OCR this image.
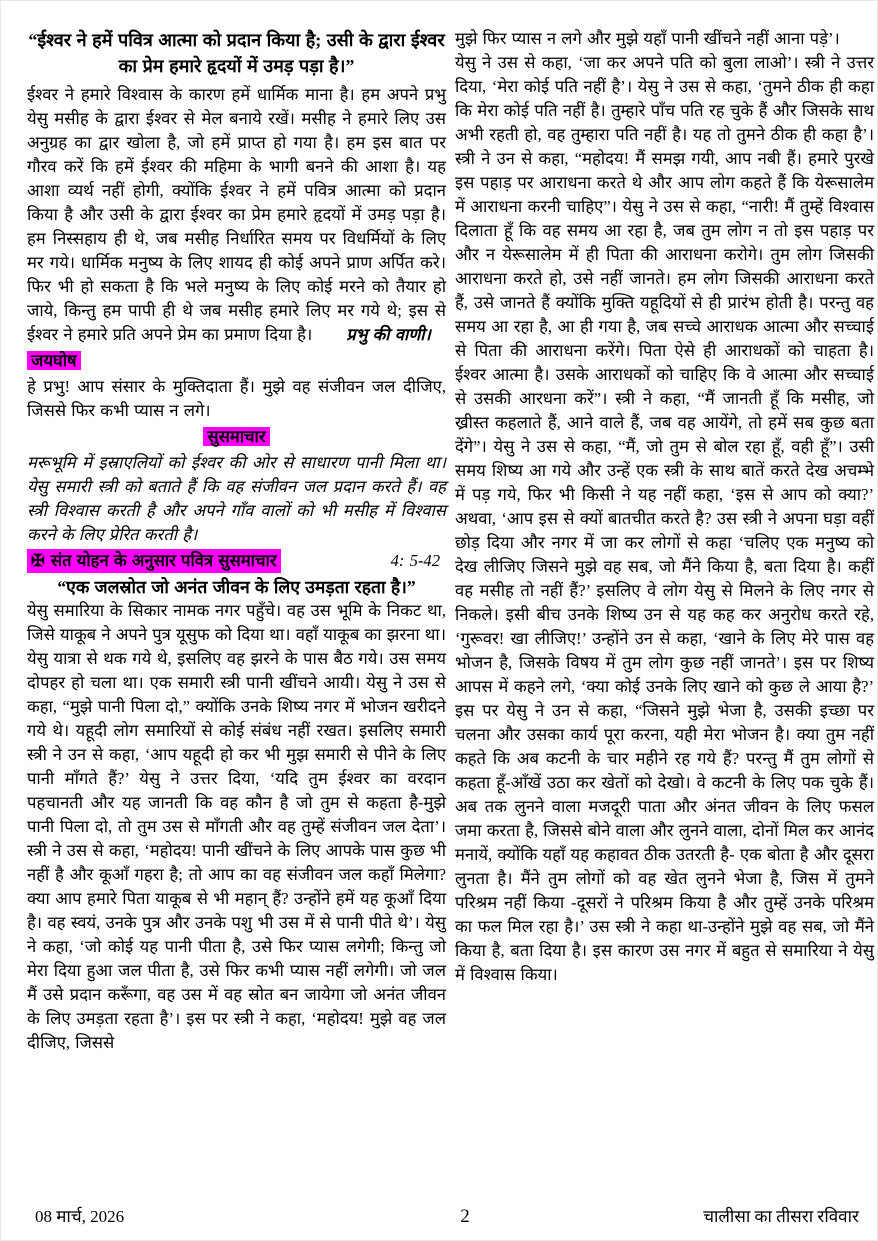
“ईश्वर ने हमें पवित्र आत्मा को प्रदान किया है; उसी के द्वारा ईश्वर का प्रेम हमारे हृदयों में उमड़ पड़ा है।”

ईश्वर ने हमारे विश्वास के कारण हमें धार्मिक माना है। हम अपने प्रभु येसु मसीह के द्वारा ईश्वर से मेल बनाये रखें। मसीह ने हमारे लिए उस अनुग्रह का द्वार खोला है, जो हमें प्राप्त हो गया है। हम इस बात पर गौरव करें कि हमें ईश्वर की महिमा के भागी बनने की आशा है। यह आशा व्यर्थ नहीं होगी, क्योंकि ईश्वर ने हमें पवित्र आत्मा को प्रदान किया है और उसी के द्वारा ईश्वर का प्रेम हमारे हृदयों में उमड़ पड़ा है। हम निस्सहाय ही थे, जब मसीह निर्धारित समय पर विधर्मियों के लिए मर गये। धार्मिक मनुष्य के लिए शायद ही कोई अपने प्राण अर्पित करे। फिर भी हो सकता है कि भले मनुष्य के लिए कोई मरने को तैयार हो जाये, किन्तु हम पापी ही थे जब मसीह हमारे लिए मर गये थे; इस से ईश्वर ने हमारे प्रति अपने प्रेम का प्रमाण दिया है। प्रभु की वाणी।

जयघोष

हे प्रभु! आप संसार के मुक्तिदाता हैं। मुझे वह संजीवन जल दीजिए, जिससे फिर कभी प्यास न लगे।

सुसमाचार

मरूभूमि में इस्राएलियों को ईश्वर की ओर से साधारण पानी मिला था। येसु समारी स्त्री को बताते हैं कि वह संजीवन जल प्रदान करते हैं। वह स्त्री विश्वास करती है और अपने गाँव वालों को भी मसीह में विश्वास करने के लिए प्रेरित करती है।

✠ संत योहन के अनुसार पवित्र सुसमाचार	4: 5-42

“एक जलस्रोत जो अनंत जीवन के लिए उमड़ता रहता है।”

येसु समारिया के सिकार नामक नगर पहुँचे। वह उस भूमि के निकट था, जिसे याकूब ने अपने पुत्र यूसुफ को दिया था। वहाँ याकूब का झरना था। येसु यात्रा से थक गये थे, इसलिए वह झरने के पास बैठ गये। उस समय दोपहर हो चला था। एक समारी स्त्री पानी खींचने आयी। येसु ने उस से कहा, “मुझे पानी पिला दो,” क्योंकि उनके शिष्य नगर में भोजन खरीदने गये थे। यहूदी लोग समारियों से कोई संबंध नहीं रखत। इसलिए समारी स्त्री ने उन से कहा, ‘आप यहूदी हो कर भी मुझ समारी से पीने के लिए पानी माँगते हैं?’ येसु ने उत्तर दिया, ‘यदि तुम ईश्वर का वरदान पहचानती और यह जानती कि वह कौन है जो तुम से कहता है-मुझे पानी पिला दो, तो तुम उस से माँगती और वह तुम्हें संजीवन जल देता’। स्त्री ने उस से कहा, ‘महोदय! पानी खींचने के लिए आपके पास कुछ भी नहीं है और कूआँ गहरा है; तो आप का वह संजीवन जल कहाँ मिलेगा? क्या आप हमारे पिता याकूब से भी महान् हैं? उन्होंने हमें यह कूआँ दिया है। वह स्वयं, उनके पुत्र और उनके पशु भी उस में से पानी पीते थे’। येसु ने कहा, ‘जो कोई यह पानी पीता है, उसे फिर प्यास लगेगी; किन्तु जो मेरा दिया हुआ जल पीता है, उसे फिर कभी प्यास नहीं लगेगी। जो जल मैं उसे प्रदान करूँगा, वह उस में वह स्रोत बन जायेगा जो अनंत जीवन के लिए उमड़ता रहता है’। इस पर स्त्री ने कहा, ‘महोदय! मुझे वह जल दीजिए, जिससे

मुझे फिर प्यास न लगे और मुझे यहाँ पानी खींचने नहीं आना पड़े’।

येसु ने उस से कहा, ‘जा कर अपने पति को बुला लाओ’। स्त्री ने उत्तर दिया, ‘मेरा कोई पति नहीं है’। येसु ने उस से कहा, ‘तुमने ठीक ही कहा कि मेरा कोई पति नहीं है। तुम्हारे पाँच पति रह चुके हैं और जिसके साथ अभी रहती हो, वह तुम्हारा पति नहीं है। यह तो तुमने ठीक ही कहा है’। स्त्री ने उन से कहा, “महोदय! मैं समझ गयी, आप नबी हैं। हमारे पुरखे इस पहाड़ पर आराधना करते थे और आप लोग कहते हैं कि येरूसालेम में आराधना करनी चाहिए”। येसु ने उस से कहा, “नारी! मैं तुम्हें विश्वास दिलाता हूँ कि वह समय आ रहा है, जब तुम लोग न तो इस पहाड़ पर और न येरूसालेम में ही पिता की आराधना करोगे। तुम लोग जिसकी आराधना करते हो, उसे नहीं जानते। हम लोग जिसकी आराधना करते हैं, उसे जानते हैं क्योंकि मुक्ति यहूदियों से ही प्रारंभ होती है। परन्तु वह समय आ रहा है, आ ही गया है, जब सच्चे आराधक आत्मा और सच्चाई से पिता की आराधना करेंगे। पिता ऐसे ही आराधकों को चाहता है। ईश्वर आत्मा है। उसके आराधकों को चाहिए कि वे आत्मा और सच्चाई से उसकी आरधना करें”। स्त्री ने कहा, “मैं जानती हूँ कि मसीह, जो ख्रीस्त कहलाते हैं, आने वाले हैं, जब वह आयेंगे, तो हमें सब कुछ बता देंगे”। येसु ने उस से कहा, “मैं, जो तुम से बोल रहा हूँ, वही हूँ”। उसी समय शिष्य आ गये और उन्हें एक स्त्री के साथ बातें करते देख अचम्भे में पड़ गये, फिर भी किसी ने यह नहीं कहा, ‘इस से आप को क्या?’ अथवा, ‘आप इस से क्यों बातचीत करते है? उस स्त्री ने अपना घड़ा वहीं छोड़ दिया और नगर में जा कर लोगों से कहा ‘चलिए एक मनुष्य को देख लीजिए जिसने मुझे वह सब, जो मैंने किया है, बता दिया है। कहीं वह मसीह तो नहीं हैं?’ इसलिए वे लोग येसु से मिलने के लिए नगर से निकले। इसी बीच उनके शिष्य उन से यह कह कर अनुरोध करते रहे, ‘गुरूवर! खा लीजिए!’ उन्होंने उन से कहा, ‘खाने के लिए मेरे पास वह भोजन है, जिसके विषय में तुम लोग कुछ नहीं जानते’। इस पर शिष्य आपस में कहने लगे, ‘क्या कोई उनके लिए खाने को कुछ ले आया है?’ इस पर येसु ने उन से कहा, “जिसने मुझे भेजा है, उसकी इच्छा पर चलना और उसका कार्य पूरा करना, यही मेरा भोजन है। क्या तुम नहीं कहते कि अब कटनी के चार महीने रह गये हैं? परन्तु मैं तुम लोगों से कहता हूँ-आँखें उठा कर खेतों को देखो। वे कटनी के लिए पक चुके हैं। अब तक लुनने वाला मजदूरी पाता और अंनत जीवन के लिए फसल जमा करता है, जिससे बोने वाला और लुनने वाला, दोनों मिल कर आनंद मनायें, क्योंकि यहाँ यह कहावत ठीक उतरती है- एक बोता है और दूसरा लुनता है। मैंने तुम लोगों को वह खेत लुनने भेजा है, जिस में तुमने परिश्रम नहीं किया -दूसरों ने परिश्रम किया है और तुम्हें उनके परिश्रम का फल मिल रहा है।’ उस स्त्री ने कहा था-उन्होंने मुझे वह सब, जो मैंने किया है, बता दिया है। इस कारण उस नगर में बहुत से समारिया ने येसु में विश्वास किया।

08 मार्च, 2026	2	चालीसा का तीसरा रविवार
